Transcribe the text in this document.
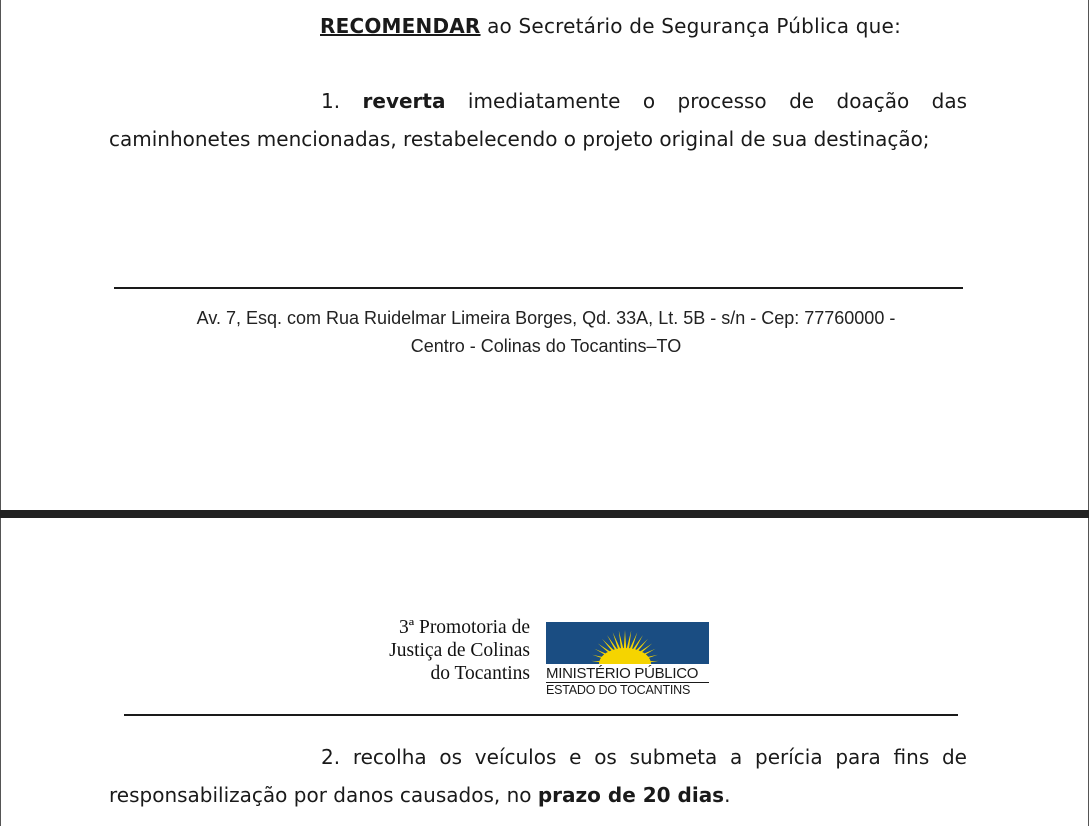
RECOMENDAR ao Secretário de Segurança Pública que:
1. reverta imediatamente o processo de doação das caminhonetes mencionadas, restabelecendo o projeto original de sua destinação;
Av. 7, Esq. com Rua Ruidelmar Limeira Borges, Qd. 33A, Lt. 5B - s/n - Cep: 77760000 -
Centro - Colinas do Tocantins–TO
3ª Promotoria de
Justiça de Colinas
do Tocantins MINISTÉRIO PÚBLICO
ESTADO DO TOCANTINS
2. recolha os veículos e os submeta a perícia para fins de responsabilização por danos causados, no prazo de 20 dias.
